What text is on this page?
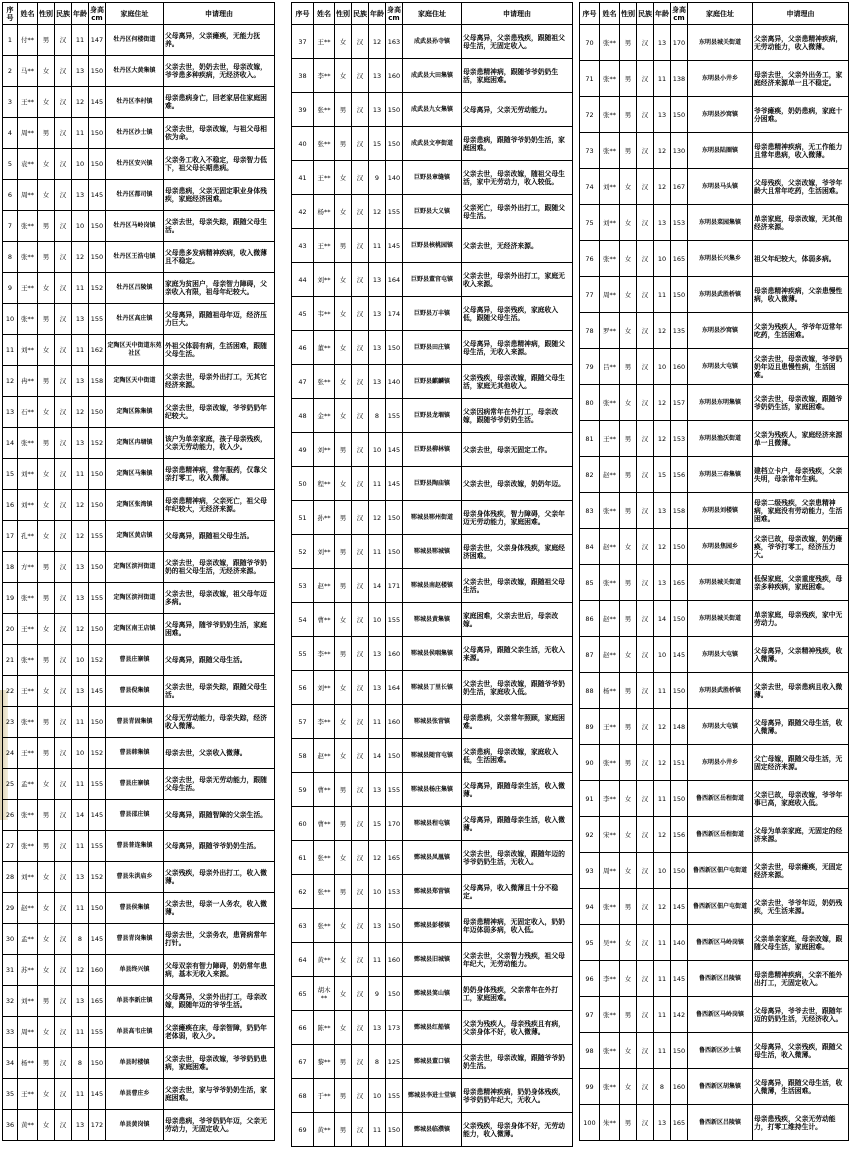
序号	姓名	性别	民族	年龄	身高cm	家庭住址	申请理由
1	付**	男	汉	11	147	牡丹区何楼街道	父母离异，父亲瘫痪，无能力抚养。
2	马**	女	汉	13	150	牡丹区大黄集镇	父亲去世，奶奶去世，母亲改嫁，爷爷患多种疾病，无经济收入。
3	王**	女	汉	12	145	牡丹区李村镇	母亲患病身亡，回老家居住家庭困难。
4	周**	男	汉	11	150	牡丹区沙土镇	父亲去世，母亲改嫁，与祖父母相依为命。
5	袁**	女	汉	10	150	牡丹区安兴镇	父亲务工收入不稳定，母亲智力低下，祖父母长期患病。
6	周**	女	汉	13	145	牡丹区都司镇	母亲患病，父亲无固定职业身体残疾，家庭经济困难。
7	张**	男	汉	10	150	牡丹区马岭岗镇	父亲去世，母亲失踪，跟随父母生活。
8	张**	男	汉	12	150	牡丹区王浩屯镇	父母患多发病精神疾病，收入微薄且不稳定。
9	王**	女	汉	11	152	牡丹区吕陵镇	家庭为贫困户，母亲智力障碍，父亲收入有限，祖母年纪较大。
10	张**	男	汉	13	155	牡丹区高庄镇	父母离异，跟随祖母年迈，经济压力巨大。
11	刘**	女	汉	11	162	定陶区天中街道东苑社区	外祖父体弱有病，生活困难，跟随父母生活。
12	冉**	男	汉	13	158	定陶区天中街道	父亲去世，母亲外出打工，无其它经济来源。
13	石**	女	汉	12	150	定陶区陈集镇	父亲去世，母亲改嫁，爷爷奶奶年纪较大。
14	张**	男	汉	13	152	定陶区冉堌镇	该户为单亲家庭，孩子母亲残疾，父亲无劳动能力，收入少。
15	刘**	女	汉	11	150	定陶区马集镇	母亲患精神病，常年服药，仅靠父亲打零工，收入微薄。
16	刘**	女	汉	12	150	定陶区张湾镇	母亲患精神病，父亲死亡，祖父母年纪较大，无经济来源。
17	孔**	女	汉	12	155	定陶区黄店镇	父母离异，跟随祖父母生活。
18	方**	男	汉	13	150	定陶区滨河街道	父亲去世，母亲改嫁，跟随爷爷奶奶的祖父母生活，无经济来源。
19	张**	男	汉	13	155	定陶区滨河街道	父亲去世，母亲改嫁，祖父母年迈多病。
20	王**	女	汉	12	150	定陶区南王店镇	父母离异，随爷爷奶奶生活，家庭困难。
21	张**	男	汉	10	152	曹县庄寨镇	父母离异，跟随父母生活。
22	王**	女	汉	13	145	曹县倪集镇	父亲去世，母亲失踪，跟随父母生活。
23	张**	男	汉	11	150	曹县青固集镇	父母无劳动能力，母亲失踪，经济收入微薄。
24	王**	男	汉	10	152	曹县韩集镇	母亲去世，父亲收入微薄。
25	孟**	女	汉	11	155	曹县庄寨镇	父亲去世，母亲无劳动能力，跟随父母生活。
26	张**	男	汉	14	145	曹县邵庄镇	父母离异，跟随智障的父亲生活。
27	张**	男	汉	11	155	曹县普连集镇	父母离异，跟随爷爷奶奶生活。
28	刘**	女	汉	13	152	曹县朱洪庙乡	父亲残疾，母亲外出打工，收入微薄。
29	赵**	女	汉	11	150	曹县侯集镇	父亲去世，母亲一人务农，收入微薄。
30	孟**	女	汉	8	145	曹县青岗集镇	母亲去世，父亲务农，患肾病常年打针。
31	苏**	女	汉	12	160	单县终兴镇	父母双亲有智力障碍，奶奶常年患病，基本无收入来源。
32	刘**	男	汉	13	165	单县李新庄镇	父母离异，父亲外出打工，母亲改嫁，跟随年迈的爷爷生活。
33	周**	女	汉	11	155	单县高韦庄镇	父亲瘫痪在床，母亲智障，奶奶年老体弱，收入少。
34	杨**	男	汉	8	150	单县时楼镇	父亲去世，母亲改嫁，爷爷奶奶患病，家庭困难。
35	王**	女	汉	11	145	单县曹庄乡	父亲去世，家与爷爷奶奶生活，家庭困难。
36	黄**	女	汉	13	172	单县黄岗镇	母亲患病，爷爷奶奶年迈，父亲无劳动力，无固定收入。
序号	姓名	性别	民族	年龄	身高cm	家庭住址	申请理由
37	王**	女	汉	12	163	成武县孙寺镇	父母离异，父亲患残疾，跟随祖父母生活，无固定收入。
38	李**	女	汉	13	160	成武县大田集镇	母亲患精神病，跟随爷爷奶奶生活，家庭困难。
39	张**	男	汉	13	150	成武县九女集镇	父母离异，父亲无劳动能力。
40	张**	男	汉	15	150	成武县文亭街道	母亲患病，跟随爷爷奶奶生活，家庭困难。
41	王**	女	汉	9	140	巨野县章缝镇	父亲去世，母亲改嫁，随祖父母生活，家中无劳动力，收入较低。
42	杨**	女	汉	12	155	巨野县大义镇	父亲死亡，母亲外出打工，跟随父母生活。
43	王**	男	汉	11	145	巨野县核桃园镇	父亲去世，无经济来源。
44	刘**	女	汉	13	164	巨野县董官屯镇	父亲去世，母亲外出打工，家庭无收入来源。
45	韦**	女	汉	13	174	巨野县万丰镇	父母离异，母亲残疾，家庭收入低，跟随父母生活。
46	董**	女	汉	13	150	巨野县田庄镇	父母离异，母亲患精神病，跟随父母生活，无收入来源。
47	张**	女	汉	13	140	巨野县麒麟镇	父亲残疾，母亲改嫁，跟随父母生活，家庭无其他收入。
48	金**	女	汉	8	155	巨野县龙堌镇	父亲因病常年在外打工，母亲改嫁，跟随爷爷奶奶生活。
49	刘**	男	汉	10	145	巨野县柳林镇	父亲去世，母亲无固定工作。
50	程**	女	汉	11	145	巨野县陶庙镇	父亲去世，母亲改嫁，奶奶年迈。
51	孙**	男	汉	12	150	郓城县郓州街道	母亲身体残疾，智力障碍，父亲年迈无劳动能力，家庭困难。
52	刘**	男	汉	11	150	郓城县郓城镇	母亲去世，父亲身体残疾，家庭经济困难。
53	赵**	男	汉	14	171	郓城县南赵楼镇	父亲去世，母亲改嫁，跟随祖父母生活。
54	曹**	女	汉	10	155	郓城县黄集镇	家庭困难，父亲去世后，母亲改嫁。
55	李**	男	汉	13	160	郓城县侯咽集镇	父母离异，跟随父亲生活，无收入来源。
56	刘**	女	汉	13	164	郓城县丁里长镇	父亲去世，母亲改嫁，跟随爷爷奶奶生活，家庭收入低。
57	李**	女	汉	11	160	郓城县张营镇	母亲患病，父亲常年照顾，家庭困难。
58	赵**	女	汉	14	150	郓城县随官屯镇	父亲患病，母亲改嫁，家庭收入低，生活困难。
59	曹**	男	汉	13	155	郓城县杨庄集镇	父母离异，跟随母亲生活，收入微薄。
60	曹**	男	汉	15	170	郓城县程屯镇	父母离异，跟随母亲生活，收入微薄。
61	张**	女	汉	12	165	鄄城县凤凰镇	父亲去世，母亲改嫁，跟随年迈的爷爷奶奶生活，无收入。
62	张**	男	汉	10	153	鄄城县郑营镇	父母离异，收入微薄且十分不稳定。
63	张**	女	汉	13	150	鄄城县彭楼镇	母亲患精神病，无固定收入，奶奶年迈体弱多病，收入低。
64	黄**	女	汉	11	160	鄄城县旧城镇	父亲去世，父亲智力残疾，祖父母年纪大，无劳动能力。
65	胡木**	女	汉	9	150	鄄城县箕山镇	奶奶身体残疾，父亲常年在外打工，家庭困难。
66	陈**	女	汉	13	173	鄄城县红船镇	父亲为残疾人，母亲残疾且有病，父亲身体不好，收入微薄。
67	黎**	男	汉	8	125	鄄城县董口镇	父亲去世，母亲改嫁，跟随爷爷奶奶生活。
68	于**	男	汉	10	155	鄄城县李进士堂镇	母亲患精神疾病，奶奶身体残疾，爷爷奶奶年纪大，无收入。
69	黄**	男	汉	11	150	鄄城县临濮镇	父亲残疾，母亲身体不好，无劳动能力，收入微薄。
序号	姓名	性别	民族	年龄	身高cm	家庭住址	申请理由
70	张**	男	汉	13	170	东明县城关街道	父亲离异，父亲患精神疾病，无劳动能力，收入微薄。
71	张**	男	汉	11	138	东明县小井乡	母亲去世，父亲外出务工，家庭经济来源单一且不稳定。
72	张**	男	汉	13	150	东明县沙窝镇	爷爷瘫痪，奶奶患病，家庭十分困难。
73	张**	男	汉	12	130	东明县陆圈镇	母亲患精神疾病，无工作能力且常年患病，收入微薄。
74	刘**	女	汉	12	167	东明县马头镇	父母残疾，父亲改嫁，爷爷年龄大且常年吃药，生活困难。
75	刘**	女	汉	13	153	东明县菜园集镇	单亲家庭，母亲改嫁，无其他经济来源。
76	张**	女	汉	10	165	东明县长兴集乡	祖父年纪较大，体弱多病。
77	周**	女	汉	11	150	东明县武胜桥镇	母亲患精神疾病，父亲患慢性病，收入微薄。
78	罗**	女	汉	12	135	东明县沙窝镇	父亲为残疾人，爷爷年迈常年吃药，生活困难。
79	吕**	男	汉	10	160	东明县大屯镇	父亲去世，母亲改嫁，爷爷奶奶年迈且患慢性病，生活困难。
80	张**	女	汉	12	157	东明县东明集镇	父亲去世，母亲改嫁，跟随爷爷奶奶生活，家庭困难。
81	王**	男	汉	12	153	东明县渔沃街道	父亲为残疾人，家庭经济来源单一且微薄。
82	赵**	男	汉	15	156	东明县三春集镇	建档立卡户，母亲残疾，父亲失明，母亲常年生病。
83	张**	男	汉	13	158	东明县刘楼镇	母亲二级残疾，父亲患精神病，家庭没有劳动能力，生活困难。
84	赵**	女	汉	12	150	东明县焦园乡	父亲已故，母亲改嫁，奶奶瘫痪，爷爷打零工，经济压力大。
85	张**	男	汉	13	165	东明县城关街道	低保家庭，父亲重度残疾，母亲多种疾病，家庭困难。
86	赵**	男	汉	14	150	东明县城关街道	单亲家庭，母亲残疾，家中无劳动力。
87	赵**	女	汉	10	145	东明县大屯镇	父母离异，父亲精神残疾，收入微薄。
88	杨**	男	汉	11	150	东明县武胜桥镇	父亲去世，母亲患病且收入微薄。
89	王**	男	汉	12	148	东明县大屯镇	父母离异，跟随父母生活，收入微薄。
90	张**	男	汉	12	151	东明县小井乡	父亡母嫁，跟随父母生活，无固定经济来源。
91	李**	女	汉	11	150	鲁西新区岳程街道	父亲已故，母亲改嫁，爷爷年事已高，家庭收入低。
92	宋**	女	汉	12	156	鲁西新区岳程街道	父母为单亲家庭，无固定的经济来源。
93	周**	女	汉	10	150	鲁西新区佃户屯街道	父亲去世，母亲瘫痪，无固定经济来源。
94	张**	男	汉	12	145	鲁西新区佃户屯街道	父亲去世，爷爷年迈，奶奶残疾，无生活来源。
95	吴**	女	汉	11	140	鲁西新区马岭岗镇	父亲单亲家庭，母亲改嫁，跟随父母生活，家庭困难。
96	李**	女	汉	11	145	鲁西新区吕陵镇	母亲患精神疾病，父亲不能外出打工，无固定收入。
97	张**	男	汉	11	142	鲁西新区马岭岗镇	父母离异，爷爷去世，跟随年迈的奶奶生活，无经济收入。
98	张**	女	汉	11	150	鲁西新区沙土镇	父母离异，父亲残疾，跟随父母生活，收入微薄。
99	张**	女	汉	8	160	鲁西新区胡集镇	父母离异，跟随父母生活，收入微薄，生活困难。
100	朱**	男	汉	13	165	鲁西新区吕陵镇	母亲患残疾，父亲无劳动能力，打零工维持生计。
